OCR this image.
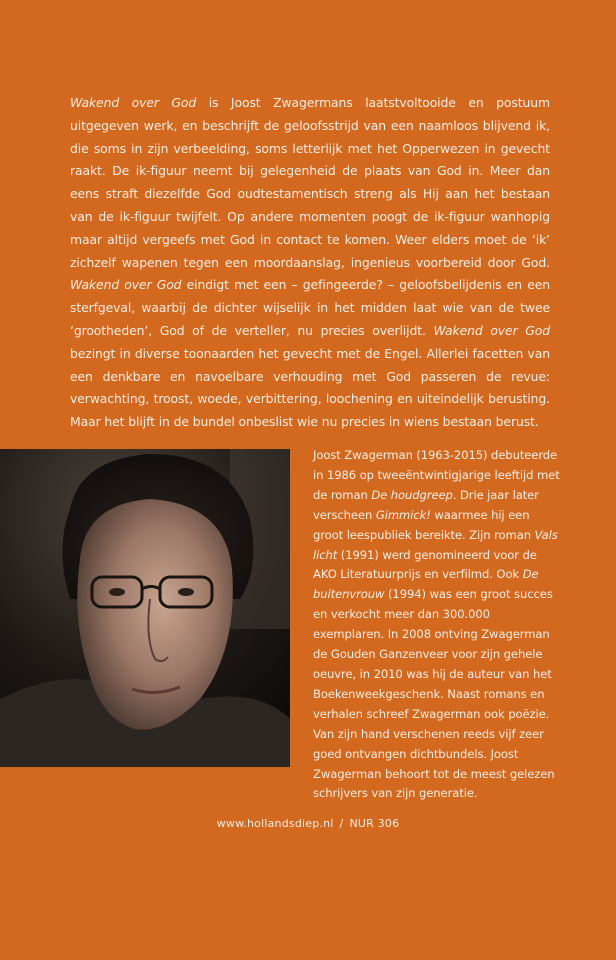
Wakend over God is Joost Zwagermans laatstvoltooide en postuum uitgegeven werk, en beschrijft de geloofsstrijd van een naamloos blijvend ik, die soms in zijn verbeelding, soms letterlijk met het Opperwezen in gevecht raakt. De ik-figuur neemt bij gelegenheid de plaats van God in. Meer dan eens straft diezelfde God oudtestamentisch streng als Hij aan het bestaan van de ik-figuur twijfelt. Op andere momenten poogt de ik-figuur wanhopig maar altijd vergeefs met God in contact te komen. Weer elders moet de ‘ik’ zichzelf wapenen tegen een moordaanslag, ingenieus voorbereid door God. Wakend over God eindigt met een – gefingeerde? – geloofsbelijdenis en een sterfgeval, waarbij de dichter wijselijk in het midden laat wie van de twee ‘grootheden’, God of de verteller, nu precies overlijdt. Wakend over God bezingt in diverse toonaarden het gevecht met de Engel. Allerlei facetten van een denkbare en navoelbare verhouding met God passeren de revue: verwachting, troost, woede, verbittering, loochening en uiteindelijk berusting. Maar het blijft in de bundel onbeslist wie nu precies in wiens bestaan berust.

Joost Zwagerman (1963-2015) debuteerde in 1986 op tweeëntwintigjarige leeftijd met de roman De houdgreep. Drie jaar later verscheen Gimmick! waarmee hij een groot leespubliek bereikte. Zijn roman Vals licht (1991) werd genomineerd voor de AKO Literatuurprijs en verfilmd. Ook De buitenvrouw (1994) was een groot succes en verkocht meer dan 300.000 exemplaren. In 2008 ontving Zwagerman de Gouden Ganzenveer voor zijn gehele oeuvre, in 2010 was hij de auteur van het Boekenweekgeschenk. Naast romans en verhalen schreef Zwagerman ook poëzie. Van zijn hand verschenen reeds vijf zeer goed ontvangen dichtbundels. Joost Zwagerman behoort tot de meest gelezen schrijvers van zijn generatie.

www.hollandsdiep.nl / NUR 306
